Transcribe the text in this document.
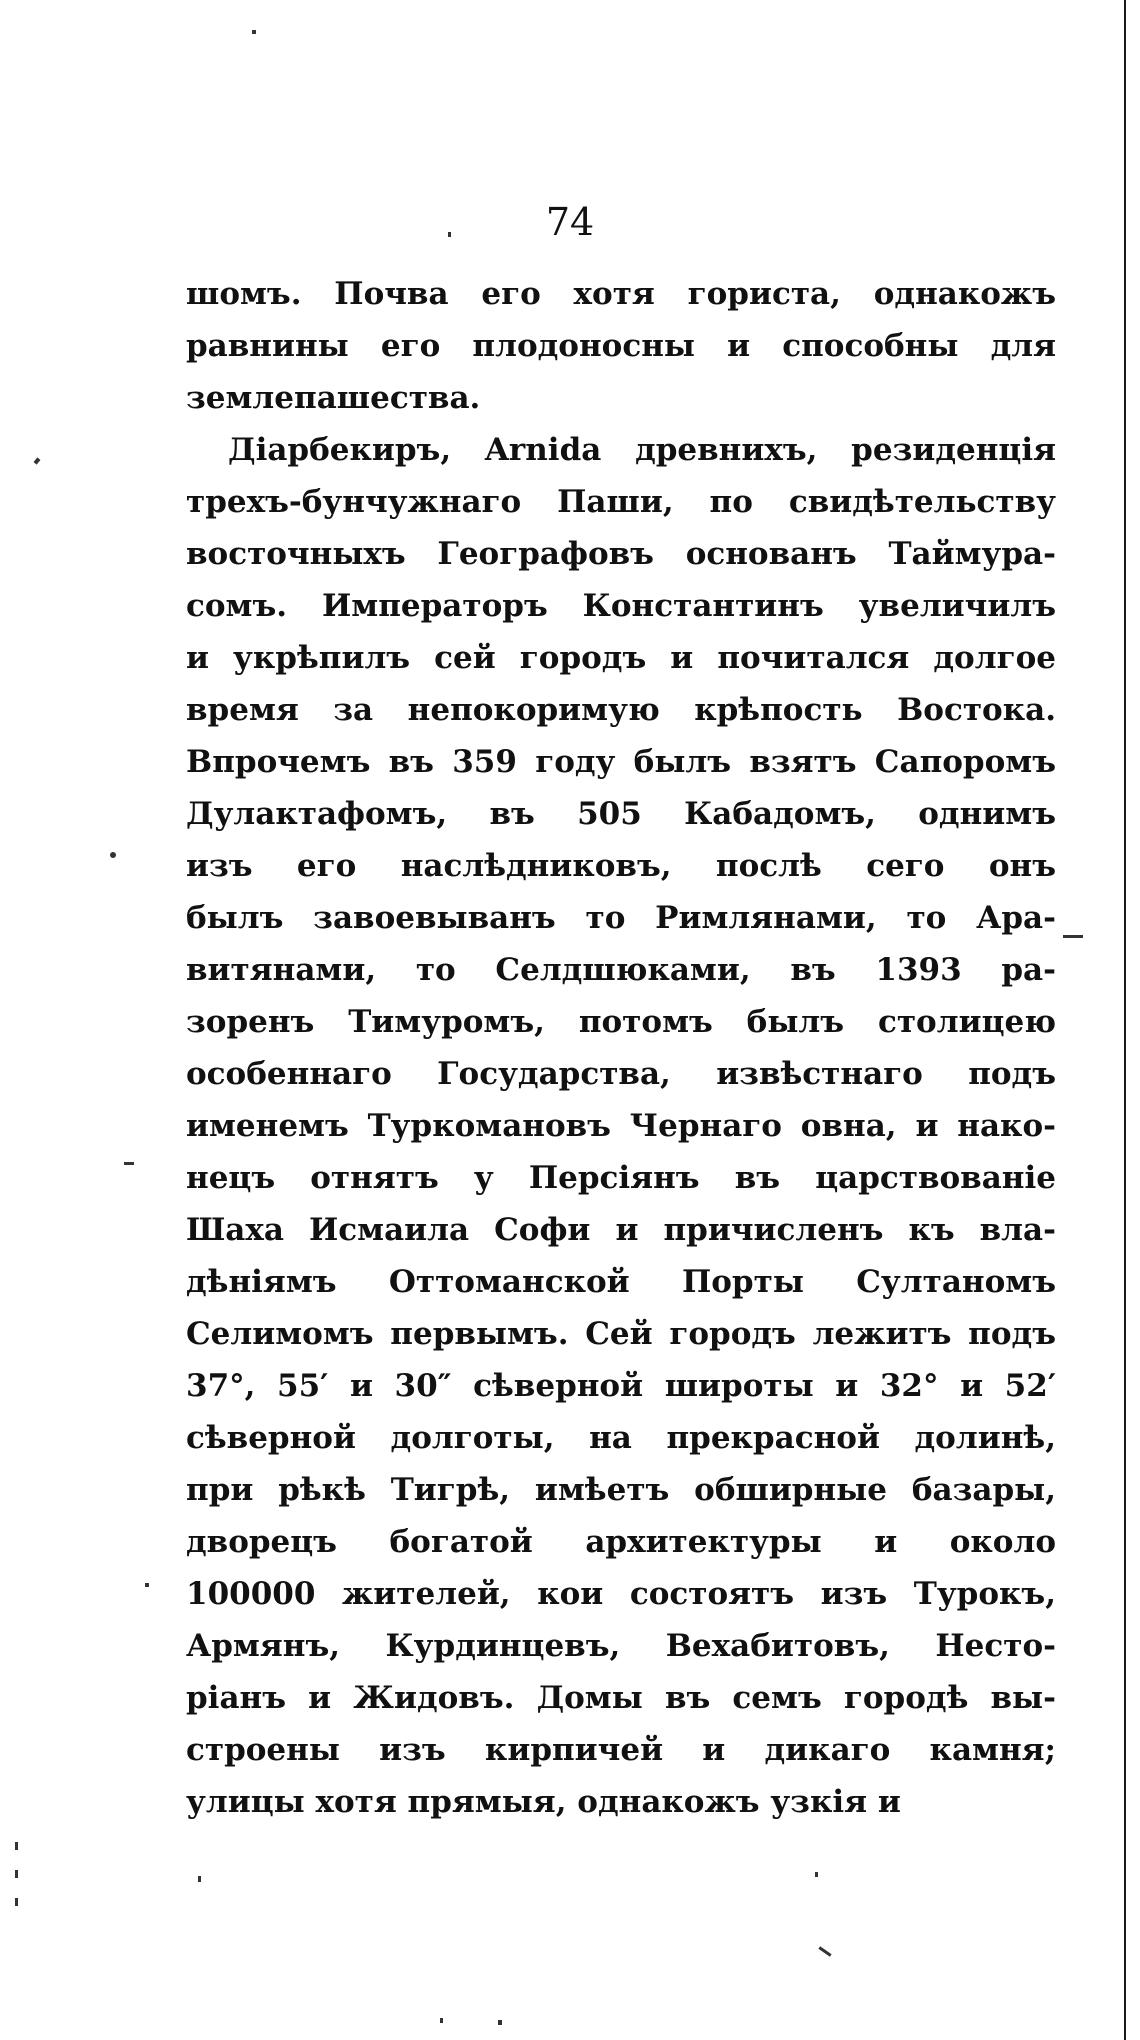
74
шомъ. Почва его хотя гориста, однакожъ
равнины его плодоносны и способны для
землепашества.
Діарбекиръ, Arnida древнихъ, резиденція
трехъ-бунчужнаго Паши, по свидѣтельству
восточныхъ Географовъ основанъ Таймура-
сомъ. Императоръ Константинъ увеличилъ
и укрѣпилъ сей городъ и почитался долгое
время за непокоримую крѣпость Востока.
Впрочемъ въ 359 году былъ взятъ Сапоромъ
Дулактафомъ, въ 505 Кабадомъ, однимъ
изъ его наслѣдниковъ, послѣ сего онъ
былъ завоевыванъ то Римлянами, то Ара-
витянами, то Селдшюками, въ 1393 ра-
зоренъ Тимуромъ, потомъ былъ столицею
особеннаго Государства, извѣстнаго подъ
именемъ Туркомановъ Чернаго овна, и нако-
нецъ отнятъ у Персіянъ въ царствованіе
Шаха Исмаила Софи и причисленъ къ вла-
дѣніямъ Оттоманской Порты Султаномъ
Селимомъ первымъ. Сей городъ лежитъ подъ
37°, 55′ и 30″ сѣверной широты и 32° и 52′
сѣверной долготы, на прекрасной долинѣ,
при рѣкѣ Тигрѣ, имѣетъ обширные базары,
дворецъ богатой архитектуры и около
100000 жителей, кои состоятъ изъ Турокъ,
Армянъ, Курдинцевъ, Вехабитовъ, Несто-
ріанъ и Жидовъ. Домы въ семъ городѣ вы-
строены изъ кирпичей и дикаго камня;
улицы хотя прямыя, однакожъ узкія и
